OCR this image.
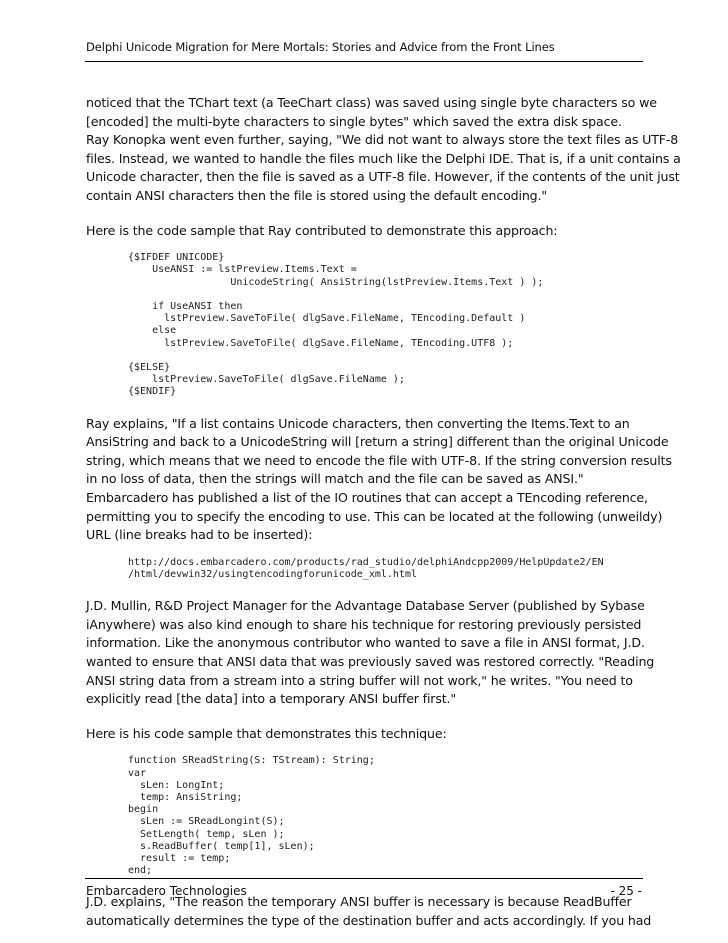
Delphi Unicode Migration for Mere Mortals: Stories and Advice from the Front Lines

noticed that the TChart text (a TeeChart class) was saved using single byte characters so we
[encoded] the multi-byte characters to single bytes" which saved the extra disk space.
Ray Konopka went even further, saying, "We did not want to always store the text files as UTF-8
files. Instead, we wanted to handle the files much like the Delphi IDE. That is, if a unit contains a
Unicode character, then the file is saved as a UTF-8 file. However, if the contents of the unit just
contain ANSI characters then the file is stored using the default encoding."

Here is the code sample that Ray contributed to demonstrate this approach:

{$IFDEF UNICODE}
UseANSI := lstPreview.Items.Text =
UnicodeString( AnsiString(lstPreview.Items.Text ) );

if UseANSI then
lstPreview.SaveToFile( dlgSave.FileName, TEncoding.Default )
else
lstPreview.SaveToFile( dlgSave.FileName, TEncoding.UTF8 );

{$ELSE}
lstPreview.SaveToFile( dlgSave.FileName );
{$ENDIF}

Ray explains, "If a list contains Unicode characters, then converting the Items.Text to an
AnsiString and back to a UnicodeString will [return a string] different than the original Unicode
string, which means that we need to encode the file with UTF-8. If the string conversion results
in no loss of data, then the strings will match and the file can be saved as ANSI."
Embarcadero has published a list of the IO routines that can accept a TEncoding reference,
permitting you to specify the encoding to use. This can be located at the following (unweildy)
URL (line breaks had to be inserted):

http://docs.embarcadero.com/products/rad_studio/delphiAndcpp2009/HelpUpdate2/EN
/html/devwin32/usingtencodingforunicode_xml.html

J.D. Mullin, R&D Project Manager for the Advantage Database Server (published by Sybase
iAnywhere) was also kind enough to share his technique for restoring previously persisted
information. Like the anonymous contributor who wanted to save a file in ANSI format, J.D.
wanted to ensure that ANSI data that was previously saved was restored correctly. "Reading
ANSI string data from a stream into a string buffer will not work," he writes. "You need to
explicitly read [the data] into a temporary ANSI buffer first."

Here is his code sample that demonstrates this technique:

function SReadString(S: TStream): String;
var
sLen: LongInt;
temp: AnsiString;
begin
sLen := SReadLongint(S);
SetLength( temp, sLen );
s.ReadBuffer( temp[1], sLen);
result := temp;
end;

J.D. explains, "The reason the temporary ANSI buffer is necessary is because ReadBuffer
automatically determines the type of the destination buffer and acts accordingly. If you had

Embarcadero Technologies	- 25 -
